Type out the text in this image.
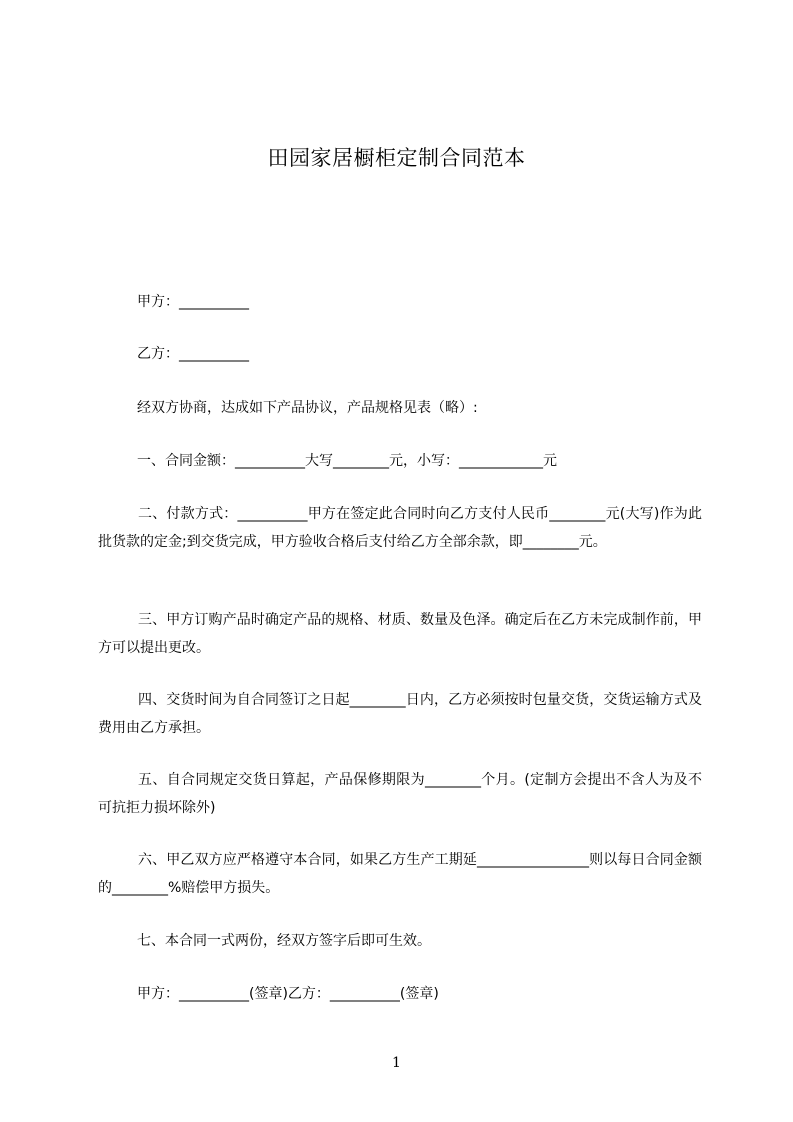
田园家居橱柜定制合同范本
甲方：__________
乙方：__________
经双方协商，达成如下产品协议，产品规格见表（略）:
一、合同金额：__________大写________元，小写：____________元
二、付款方式：__________甲方在签定此合同时向乙方支付人民币________元(大写)作为此批货款的定金;到交货完成，甲方验收合格后支付给乙方全部余款，即________元。
三、甲方订购产品时确定产品的规格、材质、数量及色泽。确定后在乙方未完成制作前，甲方可以提出更改。
四、交货时间为自合同签订之日起________日内，乙方必须按时包量交货，交货运输方式及费用由乙方承担。
五、自合同规定交货日算起，产品保修期限为________个月。(定制方会提出不含人为及不可抗拒力损坏除外)
六、甲乙双方应严格遵守本合同，如果乙方生产工期延________________则以每日合同金额的________%赔偿甲方损失。
七、本合同一式两份，经双方签字后即可生效。
甲方：__________(签章)乙方：__________(签章)
1
